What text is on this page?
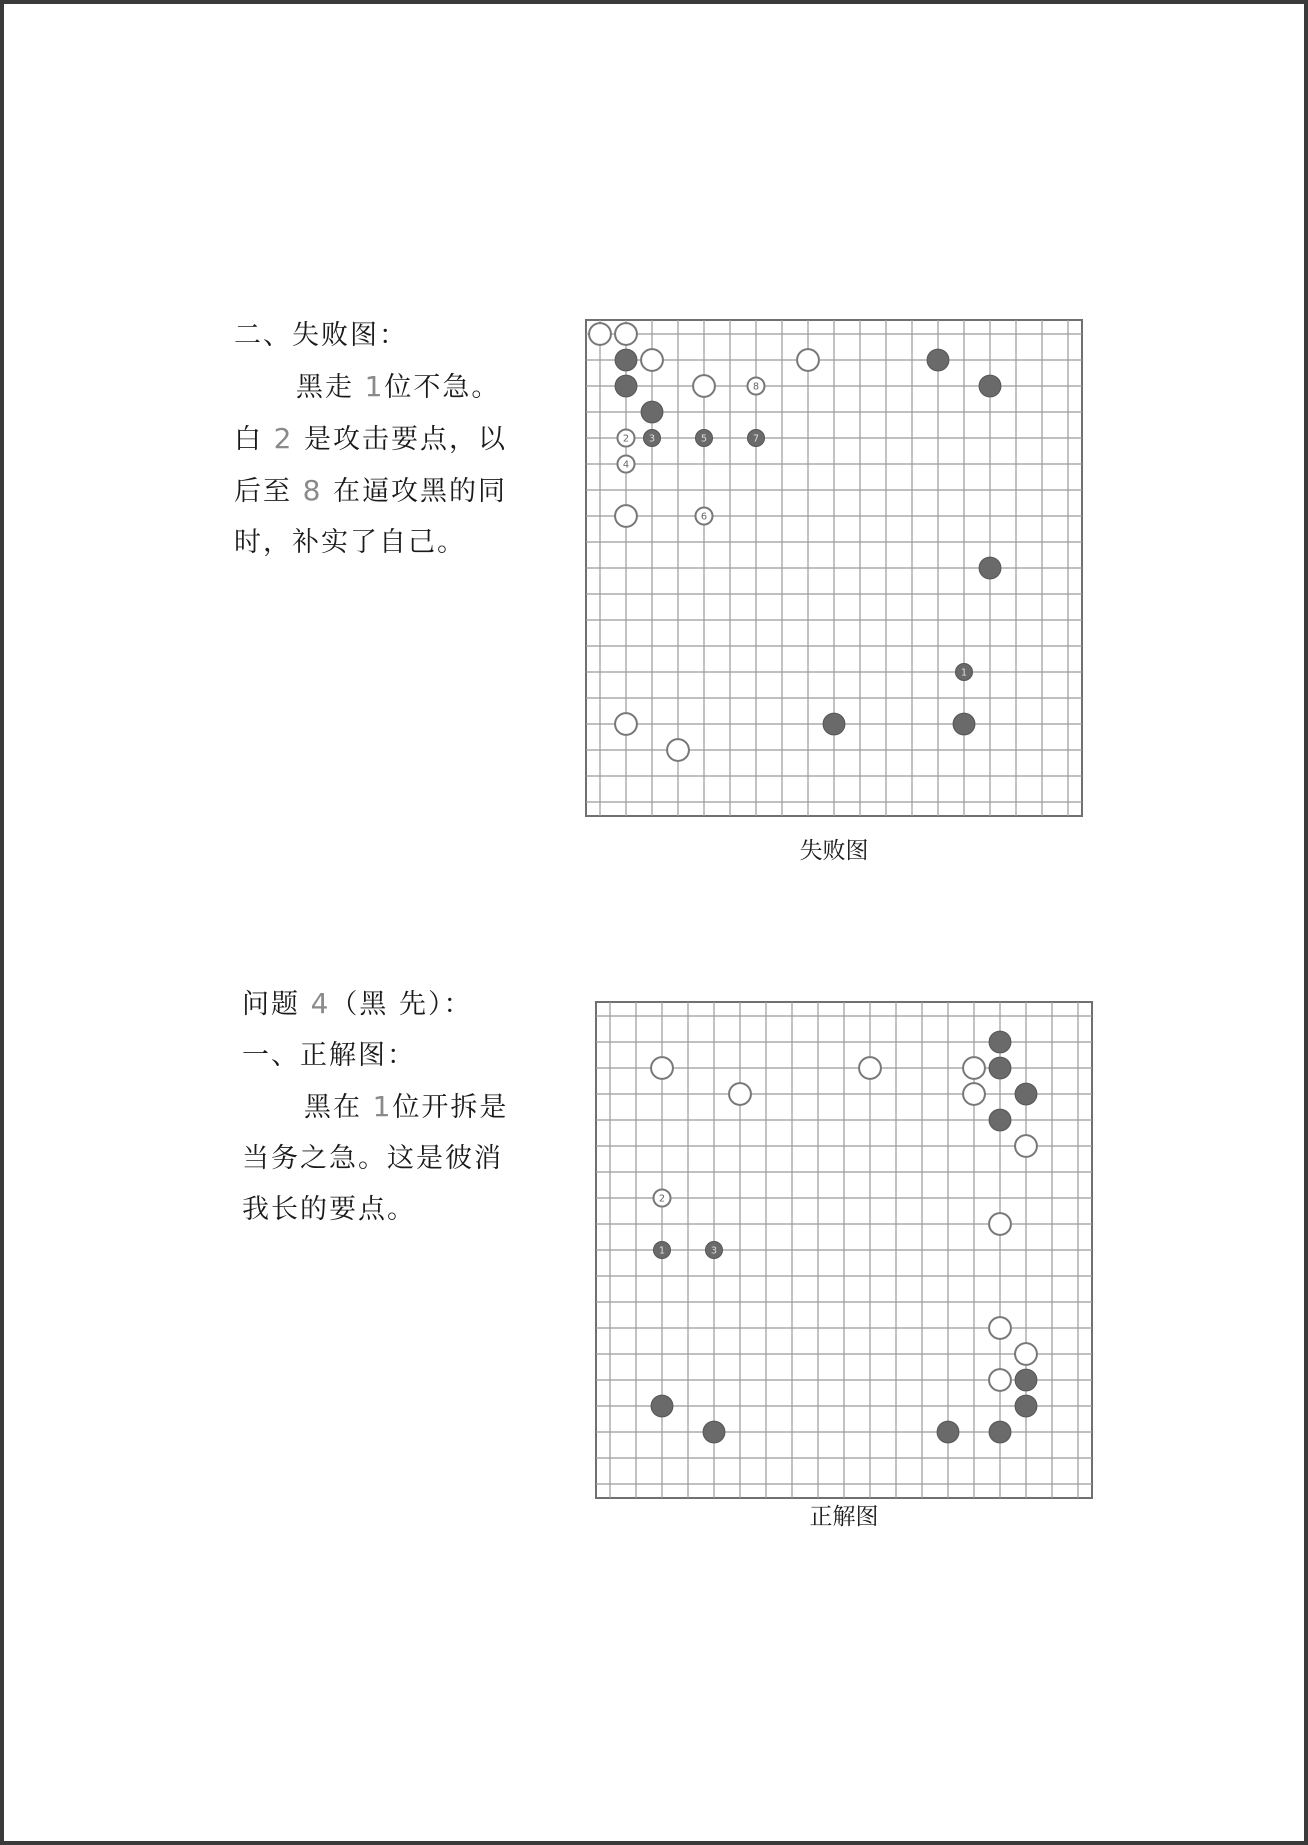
二、失败图：
黑走 1位不急。
白 2 是攻击要点，以
后至 8 在逼攻黑的同
时，补实了自己。
2 3
4
5
6
8
7
1
失败图
问题 4（黑 先）：
一、正解图：
黑在 1位开拆是
当务之急。这是彼消
我长的要点。	2
1	3
正解图
